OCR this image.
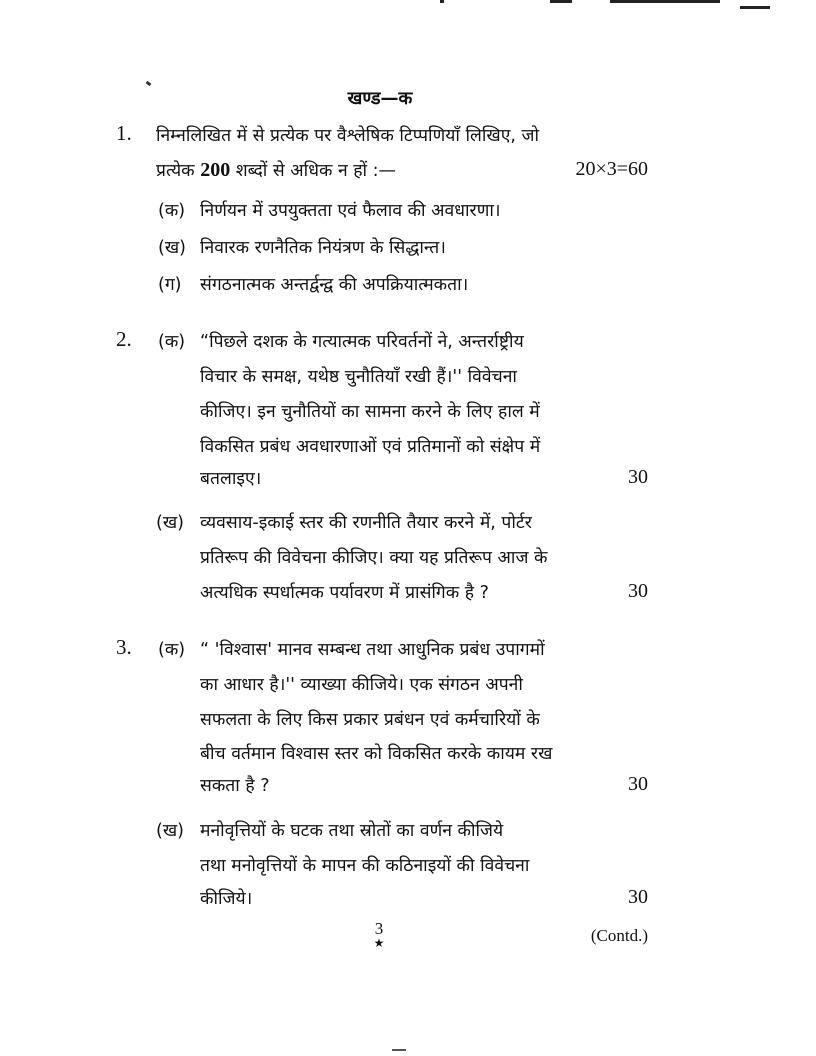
खण्ड—क
1. निम्नलिखित में से प्रत्येक पर वैश्लेषिक टिप्पणियाँ लिखिए, जो
प्रत्येक 200 शब्दों से अधिक न हों :—	20×3=60
(क) निर्णयन में उपयुक्तता एवं फैलाव की अवधारणा।
(ख) निवारक रणनैतिक नियंत्रण के सिद्धान्त।
(ग) संगठनात्मक अन्तर्द्वन्द्व की अपक्रियात्मकता।
2. (क) “पिछले दशक के गत्यात्मक परिवर्तनों ने, अन्तर्राष्ट्रीय
विचार के समक्ष, यथेष्ठ चुनौतियाँ रखी हैं।'' विवेचना
कीजिए। इन चुनौतियों का सामना करने के लिए हाल में
विकसित प्रबंध अवधारणाओं एवं प्रतिमानों को संक्षेप में
बतलाइए।	30
(ख) व्यवसाय-इकाई स्तर की रणनीति तैयार करने में, पोर्टर
प्रतिरूप की विवेचना कीजिए। क्या यह प्रतिरूप आज के
अत्यधिक स्पर्धात्मक पर्यावरण में प्रासंगिक है ?	30
3. (क) “ 'विश्वास' मानव सम्बन्ध तथा आधुनिक प्रबंध उपागमों
का आधार है।'' व्याख्या कीजिये। एक संगठन अपनी
सफलता के लिए किस प्रकार प्रबंधन एवं कर्मचारियों के
बीच वर्तमान विश्वास स्तर को विकसित करके कायम रख
सकता है ?	30
(ख) मनोवृत्तियों के घटक तथा स्रोतों का वर्णन कीजिये
तथा मनोवृत्तियों के मापन की कठिनाइयों की विवेचना
कीजिये।	30
3
★	(Contd.)
